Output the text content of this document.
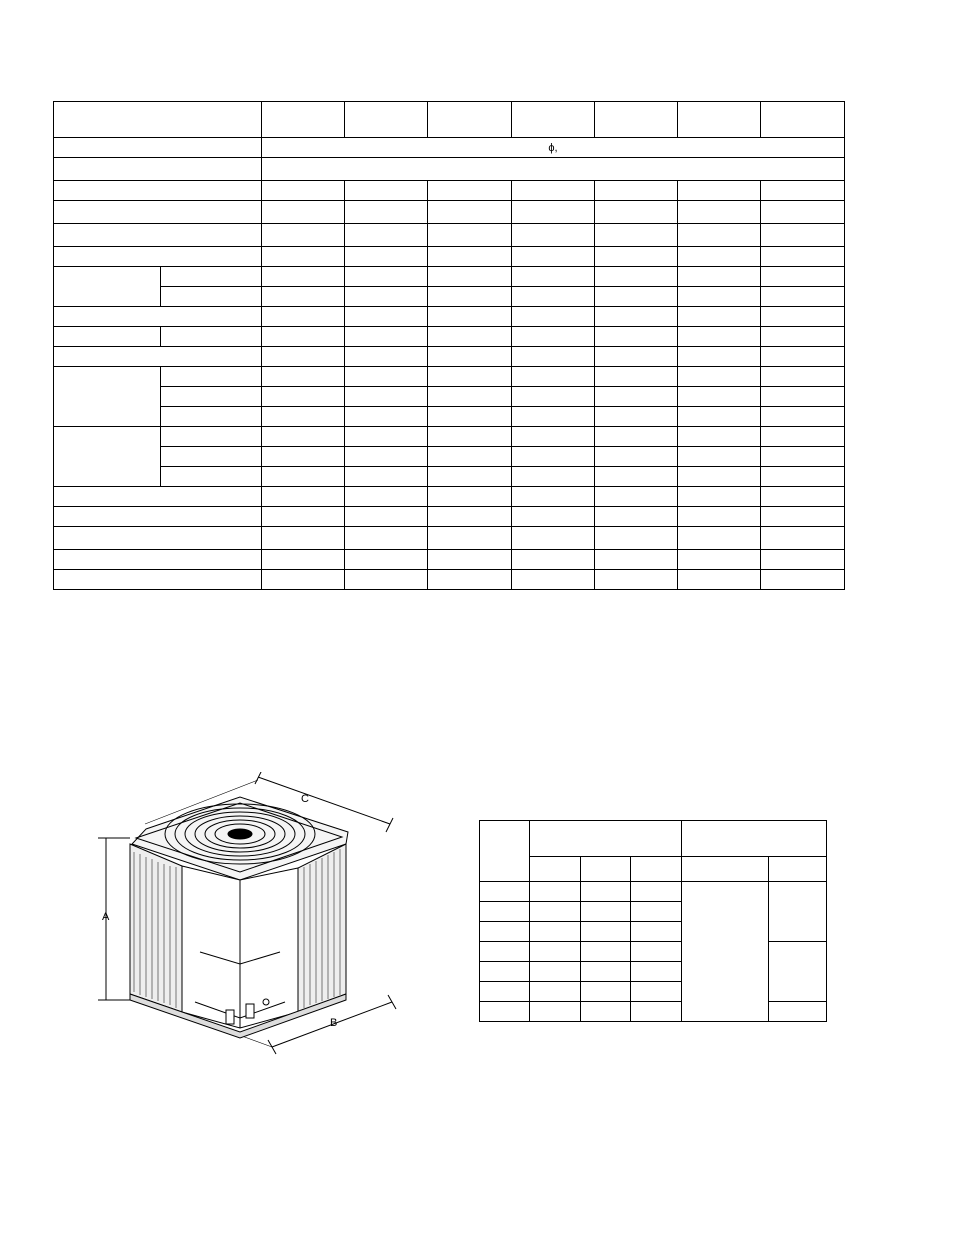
		ϕ,						

A
B
C
